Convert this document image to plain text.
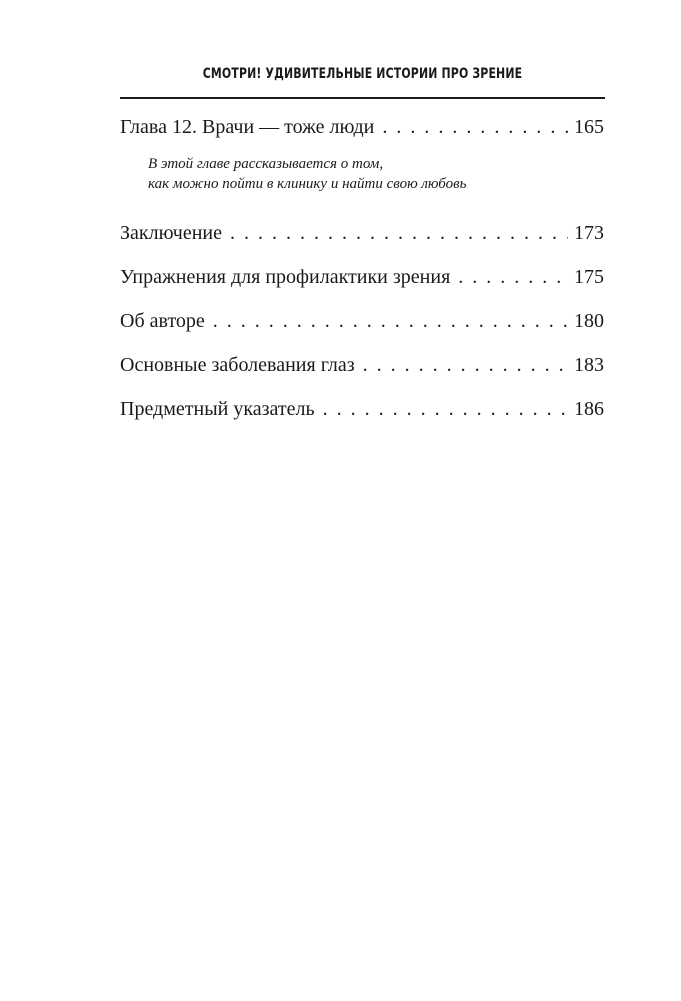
СМОТРИ! УДИВИТЕЛЬНЫЕ ИСТОРИИ ПРО ЗРЕНИЕ
Глава 12. Врачи — тоже люди . . .	165
В этой главе рассказывается о том,
как можно пойти в клинику и найти свою любовь
Заключение . . .	173
Упражнения для профилактики зрения . . .	175
Об авторе . . .	180
Основные заболевания глаз . . .	183
Предметный указатель . . .	186
